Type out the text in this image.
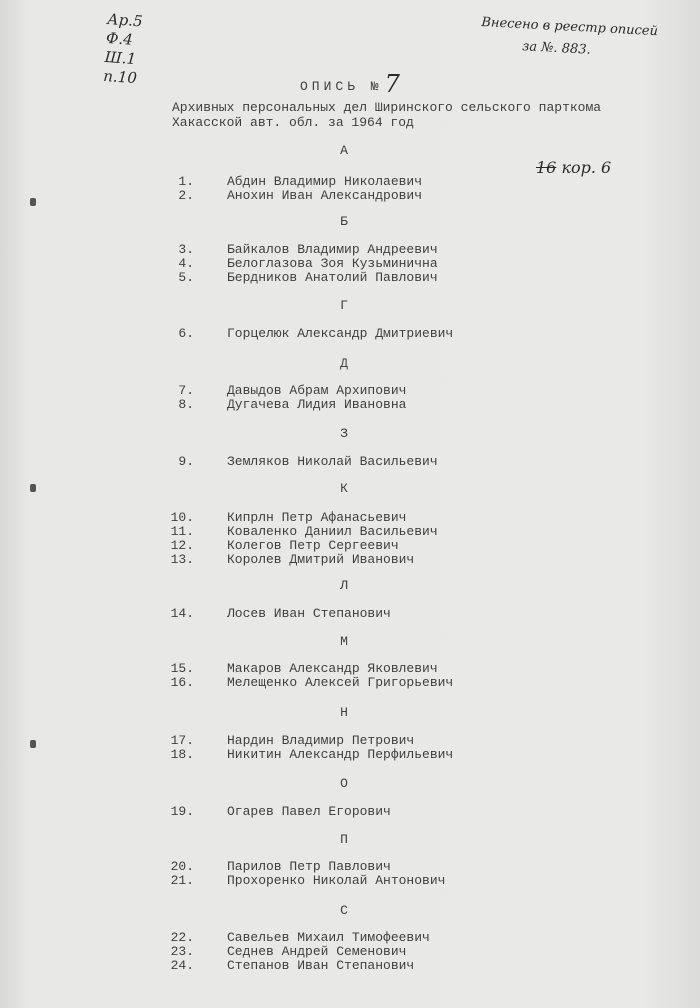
Ар.5
Ф.4
Ш.1
п.10
Внесено в реестр описей
за №. 883.
16 кор. 6
ОПИСЬ №7
Архивных персональных дел Ширинского сельского парткома
Хакасской авт. обл. за 1964 год
А
1.	Абдин Владимир Николаевич
2.	Анохин Иван Александрович
Б
3.	Байкалов Владимир Андреевич
4.	Белоглазова Зоя Кузьминична
5.	Бердников Анатолий Павлович
Г
6.	Горцелюк Александр Дмитриевич
Д
7.	Давыдов Абрам Архипович
8.	Дугачева Лидия Ивановна
З
9.	Земляков Николай Васильевич
К
10.	Кипрлн Петр Афанасьевич
11.	Коваленко Даниил Васильевич
12.	Колегов Петр Сергеевич
13.	Королев Дмитрий Иванович
Л
14.	Лосев Иван Степанович
М
15.	Макаров Александр Яковлевич
16.	Мелещенко Алексей Григорьевич
Н
17.	Нардин Владимир Петрович
18.	Никитин Александр Перфильевич
О
19.	Огарев Павел Егорович
П
20.	Парилов Петр Павлович
21.	Прохоренко Николай Антонович
С
22.	Савельев Михаил Тимофеевич
23.	Седнев Андрей Семенович
24.	Степанов Иван Степанович
